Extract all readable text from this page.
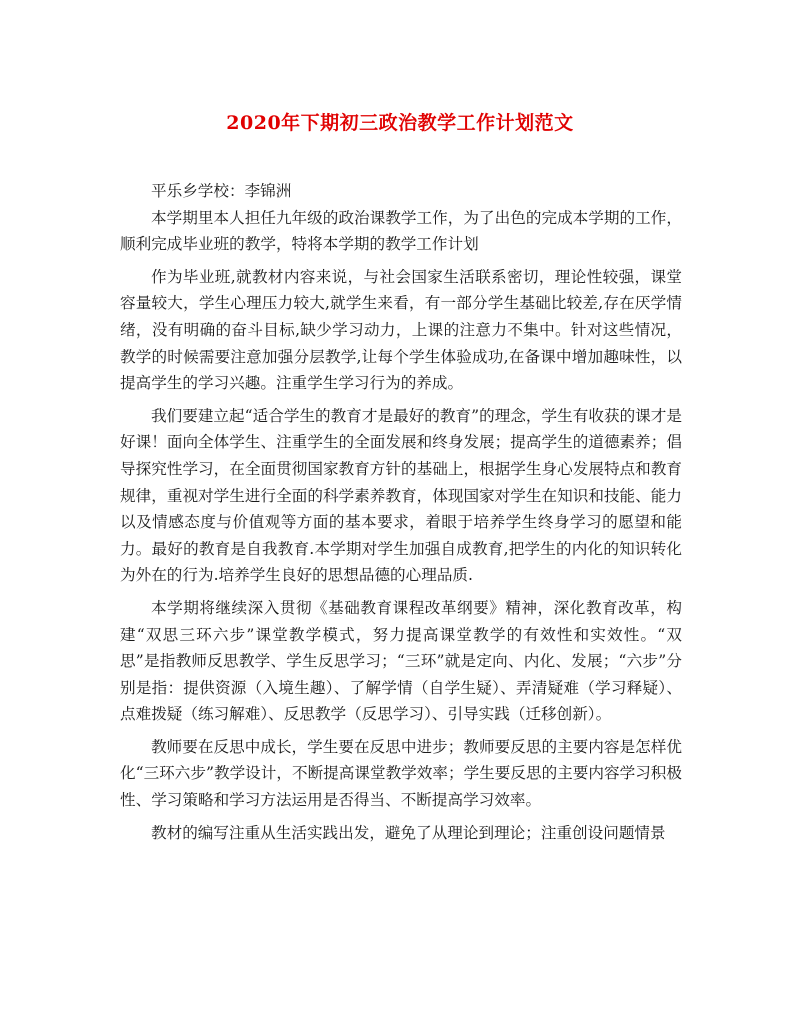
2020年下期初三政治教学工作计划范文

平乐乡学校：李锦洲

本学期里本人担任九年级的政治课教学工作，为了出色的完成本学期的工作，顺利完成毕业班的教学，特将本学期的教学工作计划

作为毕业班,就教材内容来说，与社会国家生活联系密切，理论性较强，课堂容量较大，学生心理压力较大,就学生来看，有一部分学生基础比较差,存在厌学情绪，没有明确的奋斗目标,缺少学习动力，上课的注意力不集中。针对这些情况，教学的时候需要注意加强分层教学,让每个学生体验成功,在备课中增加趣味性，以提高学生的学习兴趣。注重学生学习行为的养成。

我们要建立起“适合学生的教育才是最好的教育”的理念，学生有收获的课才是好课！面向全体学生、注重学生的全面发展和终身发展；提高学生的道德素养；倡导探究性学习，在全面贯彻国家教育方针的基础上，根据学生身心发展特点和教育规律，重视对学生进行全面的科学素养教育，体现国家对学生在知识和技能、能力以及情感态度与价值观等方面的基本要求，着眼于培养学生终身学习的愿望和能力。最好的教育是自我教育.本学期对学生加强自成教育,把学生的内化的知识转化为外在的行为.培养学生良好的思想品德的心理品质.

本学期将继续深入贯彻《基础教育课程改革纲要》精神，深化教育改革，构建“双思三环六步”课堂教学模式，努力提高课堂教学的有效性和实效性。“双思”是指教师反思教学、学生反思学习；“三环”就是定向、内化、发展；“六步”分别是指：提供资源（入境生趣）、了解学情（自学生疑）、弄清疑难（学习释疑）、点难拨疑（练习解难）、反思教学（反思学习）、引导实践（迁移创新）。

教师要在反思中成长，学生要在反思中进步；教师要反思的主要内容是怎样优化“三环六步”教学设计，不断提高课堂教学效率；学生要反思的主要内容学习积极性、学习策略和学习方法运用是否得当、不断提高学习效率。

教材的编写注重从生活实践出发，避免了从理论到理论；注重创设问题情景
